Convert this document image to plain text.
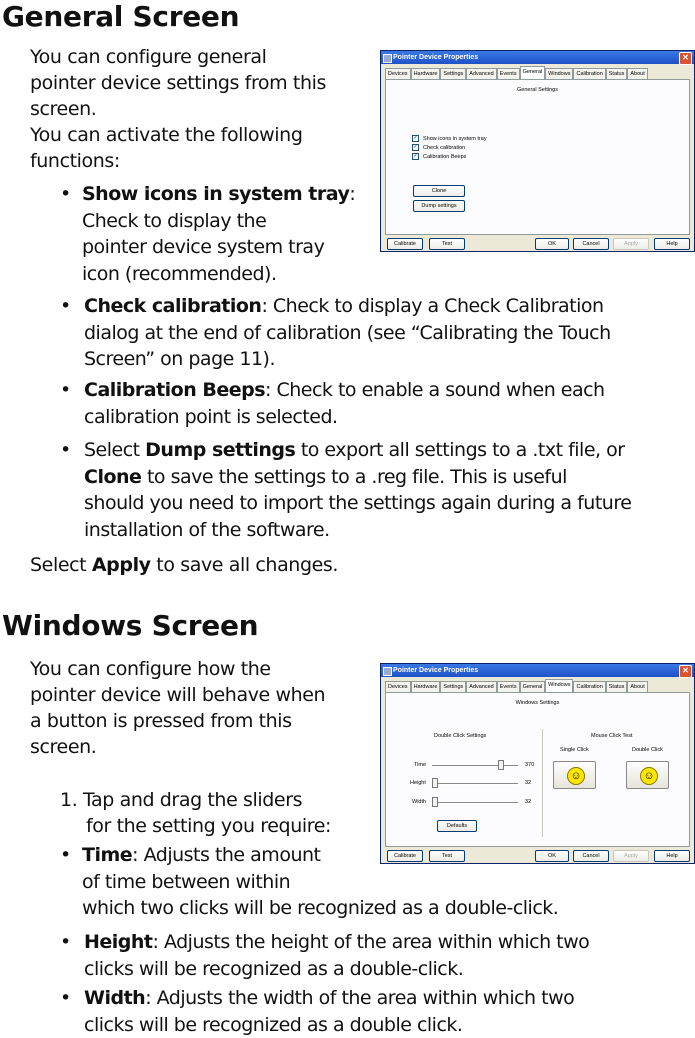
General Screen
You can configure general
pointer device settings from this
screen.
You can activate the following
functions:
• Show icons in system tray:
Check to display the
pointer device system tray
icon (recommended).
• Check calibration: Check to display a Check Calibration
dialog at the end of calibration (see “Calibrating the Touch
Screen” on page 11).
• Calibration Beeps: Check to enable a sound when each
calibration point is selected.
• Select Dump settings to export all settings to a .txt file, or
Clone to save the settings to a .reg file. This is useful
should you need to import the settings again during a future
installation of the software.
Select Apply to save all changes.
Pointer Device Properties	✕
Devices	Hardware	Settings	Advanced	Events	General	Windows	Calibration	Status	About
General Settings
✓ Show icons in system tray
✓ Check calibration
✓ Calibration Beeps
Clone
Dump settings
Calibrate	Test	OK	Cancel	Apply	Help
Windows Screen
You can configure how the
pointer device will behave when
a button is pressed from this
screen.
1. Tap and drag the sliders
for the setting you require:
• Time: Adjusts the amount
of time between within
which two clicks will be recognized as a double-click.
• Height: Adjusts the height of the area within which two
clicks will be recognized as a double-click.
• Width: Adjusts the width of the area within which two
clicks will be recognized as a double click.
Pointer Device Properties	✕
Devices	Hardware	Settings	Advanced	Events	General	Windows	Calibration	Status	About
Windows Settings
Double Click Settings	Mouse Click Test
Time	370
Height	32
Width	32
Defaults
Single Click	Double Click
☺	☺
Calibrate	Test	OK	Cancel	Apply	Help
